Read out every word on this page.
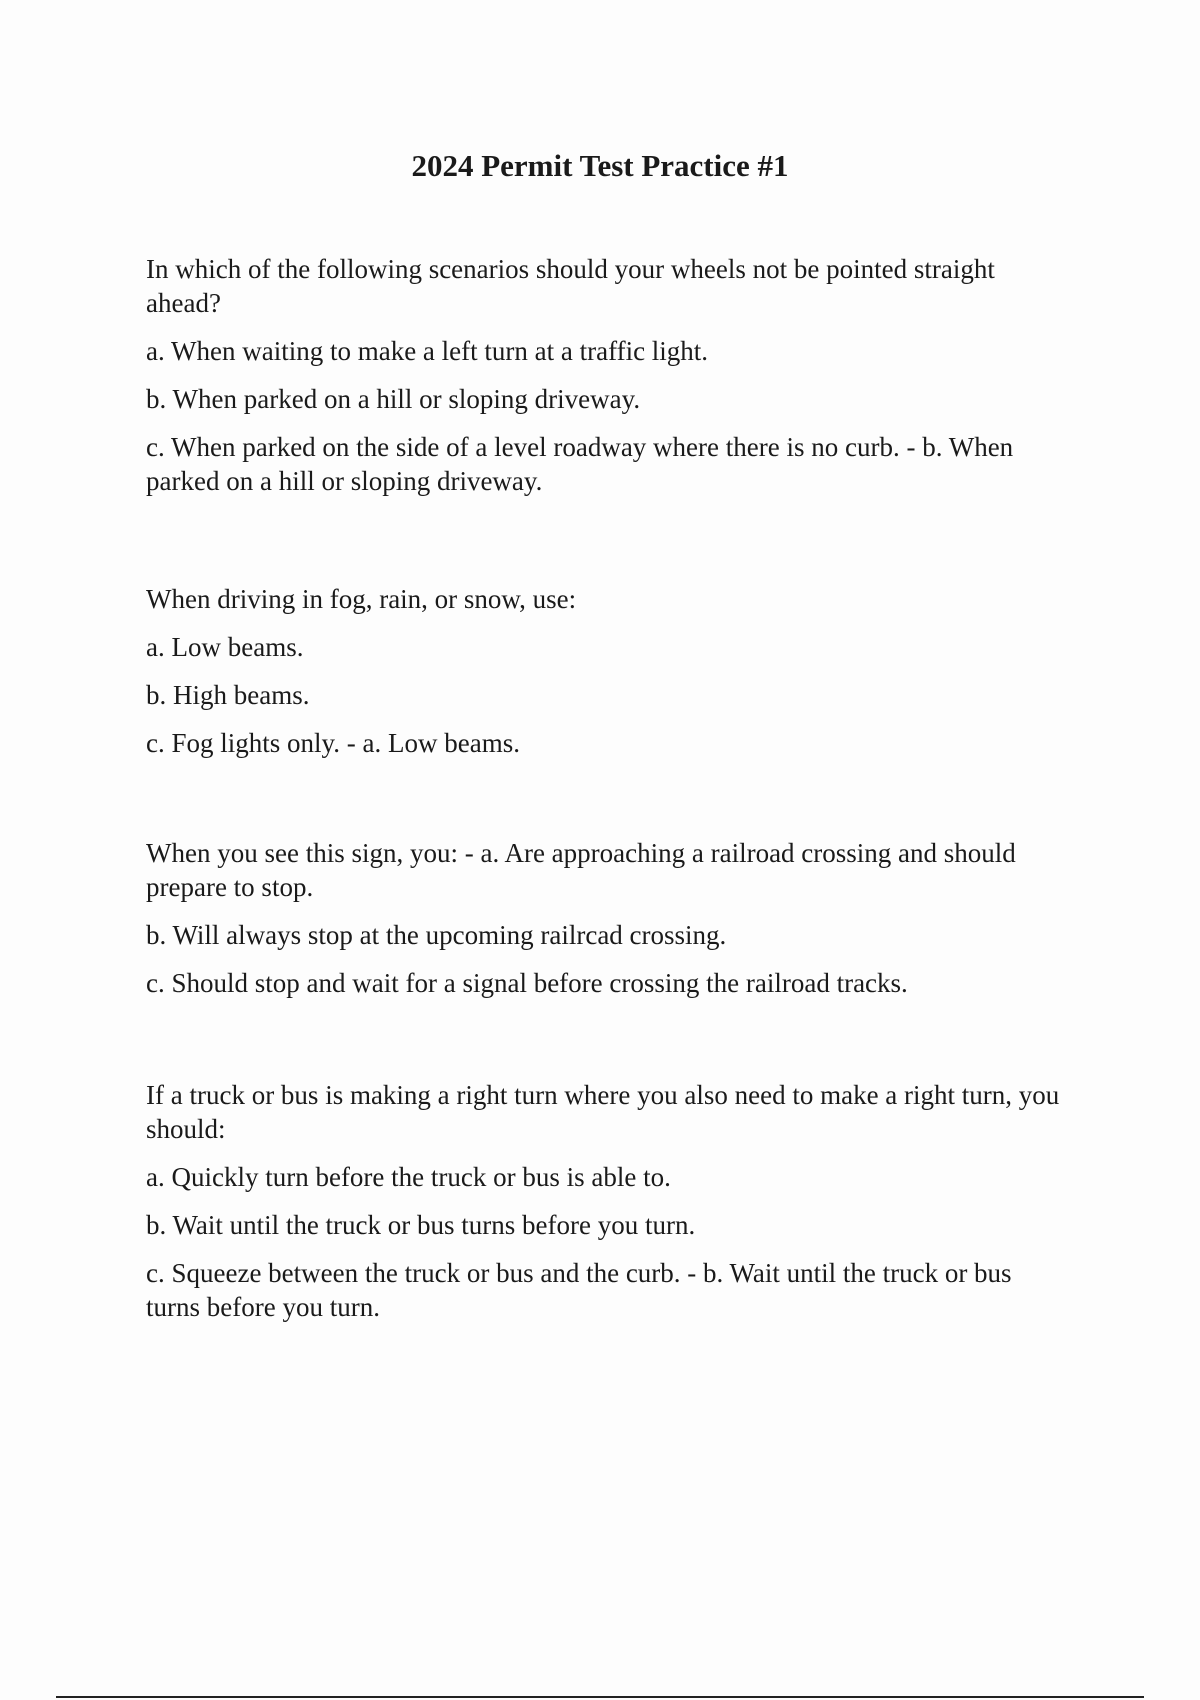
2024 Permit Test Practice #1

In which of the following scenarios should your wheels not be pointed straight ahead?

a. When waiting to make a left turn at a traffic light.

b. When parked on a hill or sloping driveway.

c. When parked on the side of a level roadway where there is no curb. - b. When parked on a hill or sloping driveway.

When driving in fog, rain, or snow, use:

a. Low beams.

b. High beams.

c. Fog lights only. - a. Low beams.

When you see this sign, you: - a. Are approaching a railroad crossing and should prepare to stop.

b. Will always stop at the upcoming railrcad crossing.

c. Should stop and wait for a signal before crossing the railroad tracks.

If a truck or bus is making a right turn where you also need to make a right turn, you should:

a. Quickly turn before the truck or bus is able to.

b. Wait until the truck or bus turns before you turn.

c. Squeeze between the truck or bus and the curb. - b. Wait until the truck or bus turns before you turn.
